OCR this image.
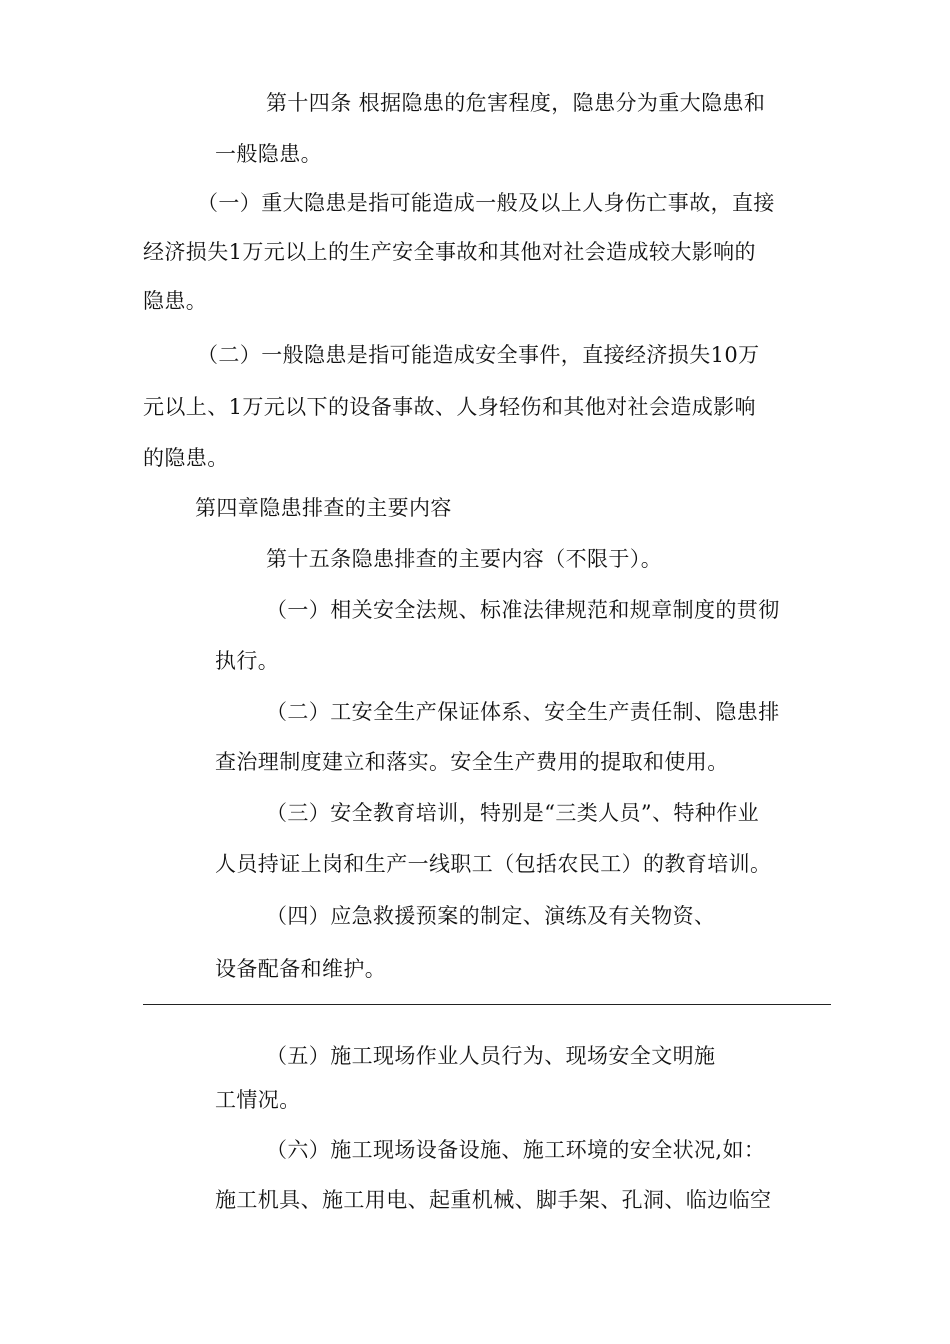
第十四条 根据隐患的危害程度，隐患分为重大隐患和
一般隐患。
（一）重大隐患是指可能造成一般及以上人身伤亡事故，直接
经济损失1万元以上的生产安全事故和其他对社会造成较大影响的
隐患。
（二）一般隐患是指可能造成安全事件，直接经济损失10万
元以上、1万元以下的设备事故、人身轻伤和其他对社会造成影响
的隐患。
第四章隐患排查的主要内容
第十五条隐患排查的主要内容（不限于）。
（一）相关安全法规、标准法律规范和规章制度的贯彻
执行。
（二）工安全生产保证体系、安全生产责任制、隐患排
查治理制度建立和落实。安全生产费用的提取和使用。
（三）安全教育培训，特别是“三类人员”、特种作业
人员持证上岗和生产一线职工（包括农民工）的教育培训。
（四）应急救援预案的制定、演练及有关物资、
设备配备和维护。
（五）施工现场作业人员行为、现场安全文明施
工情况。
（六）施工现场设备设施、施工环境的安全状况,如：
施工机具、施工用电、起重机械、脚手架、孔洞、临边临空
